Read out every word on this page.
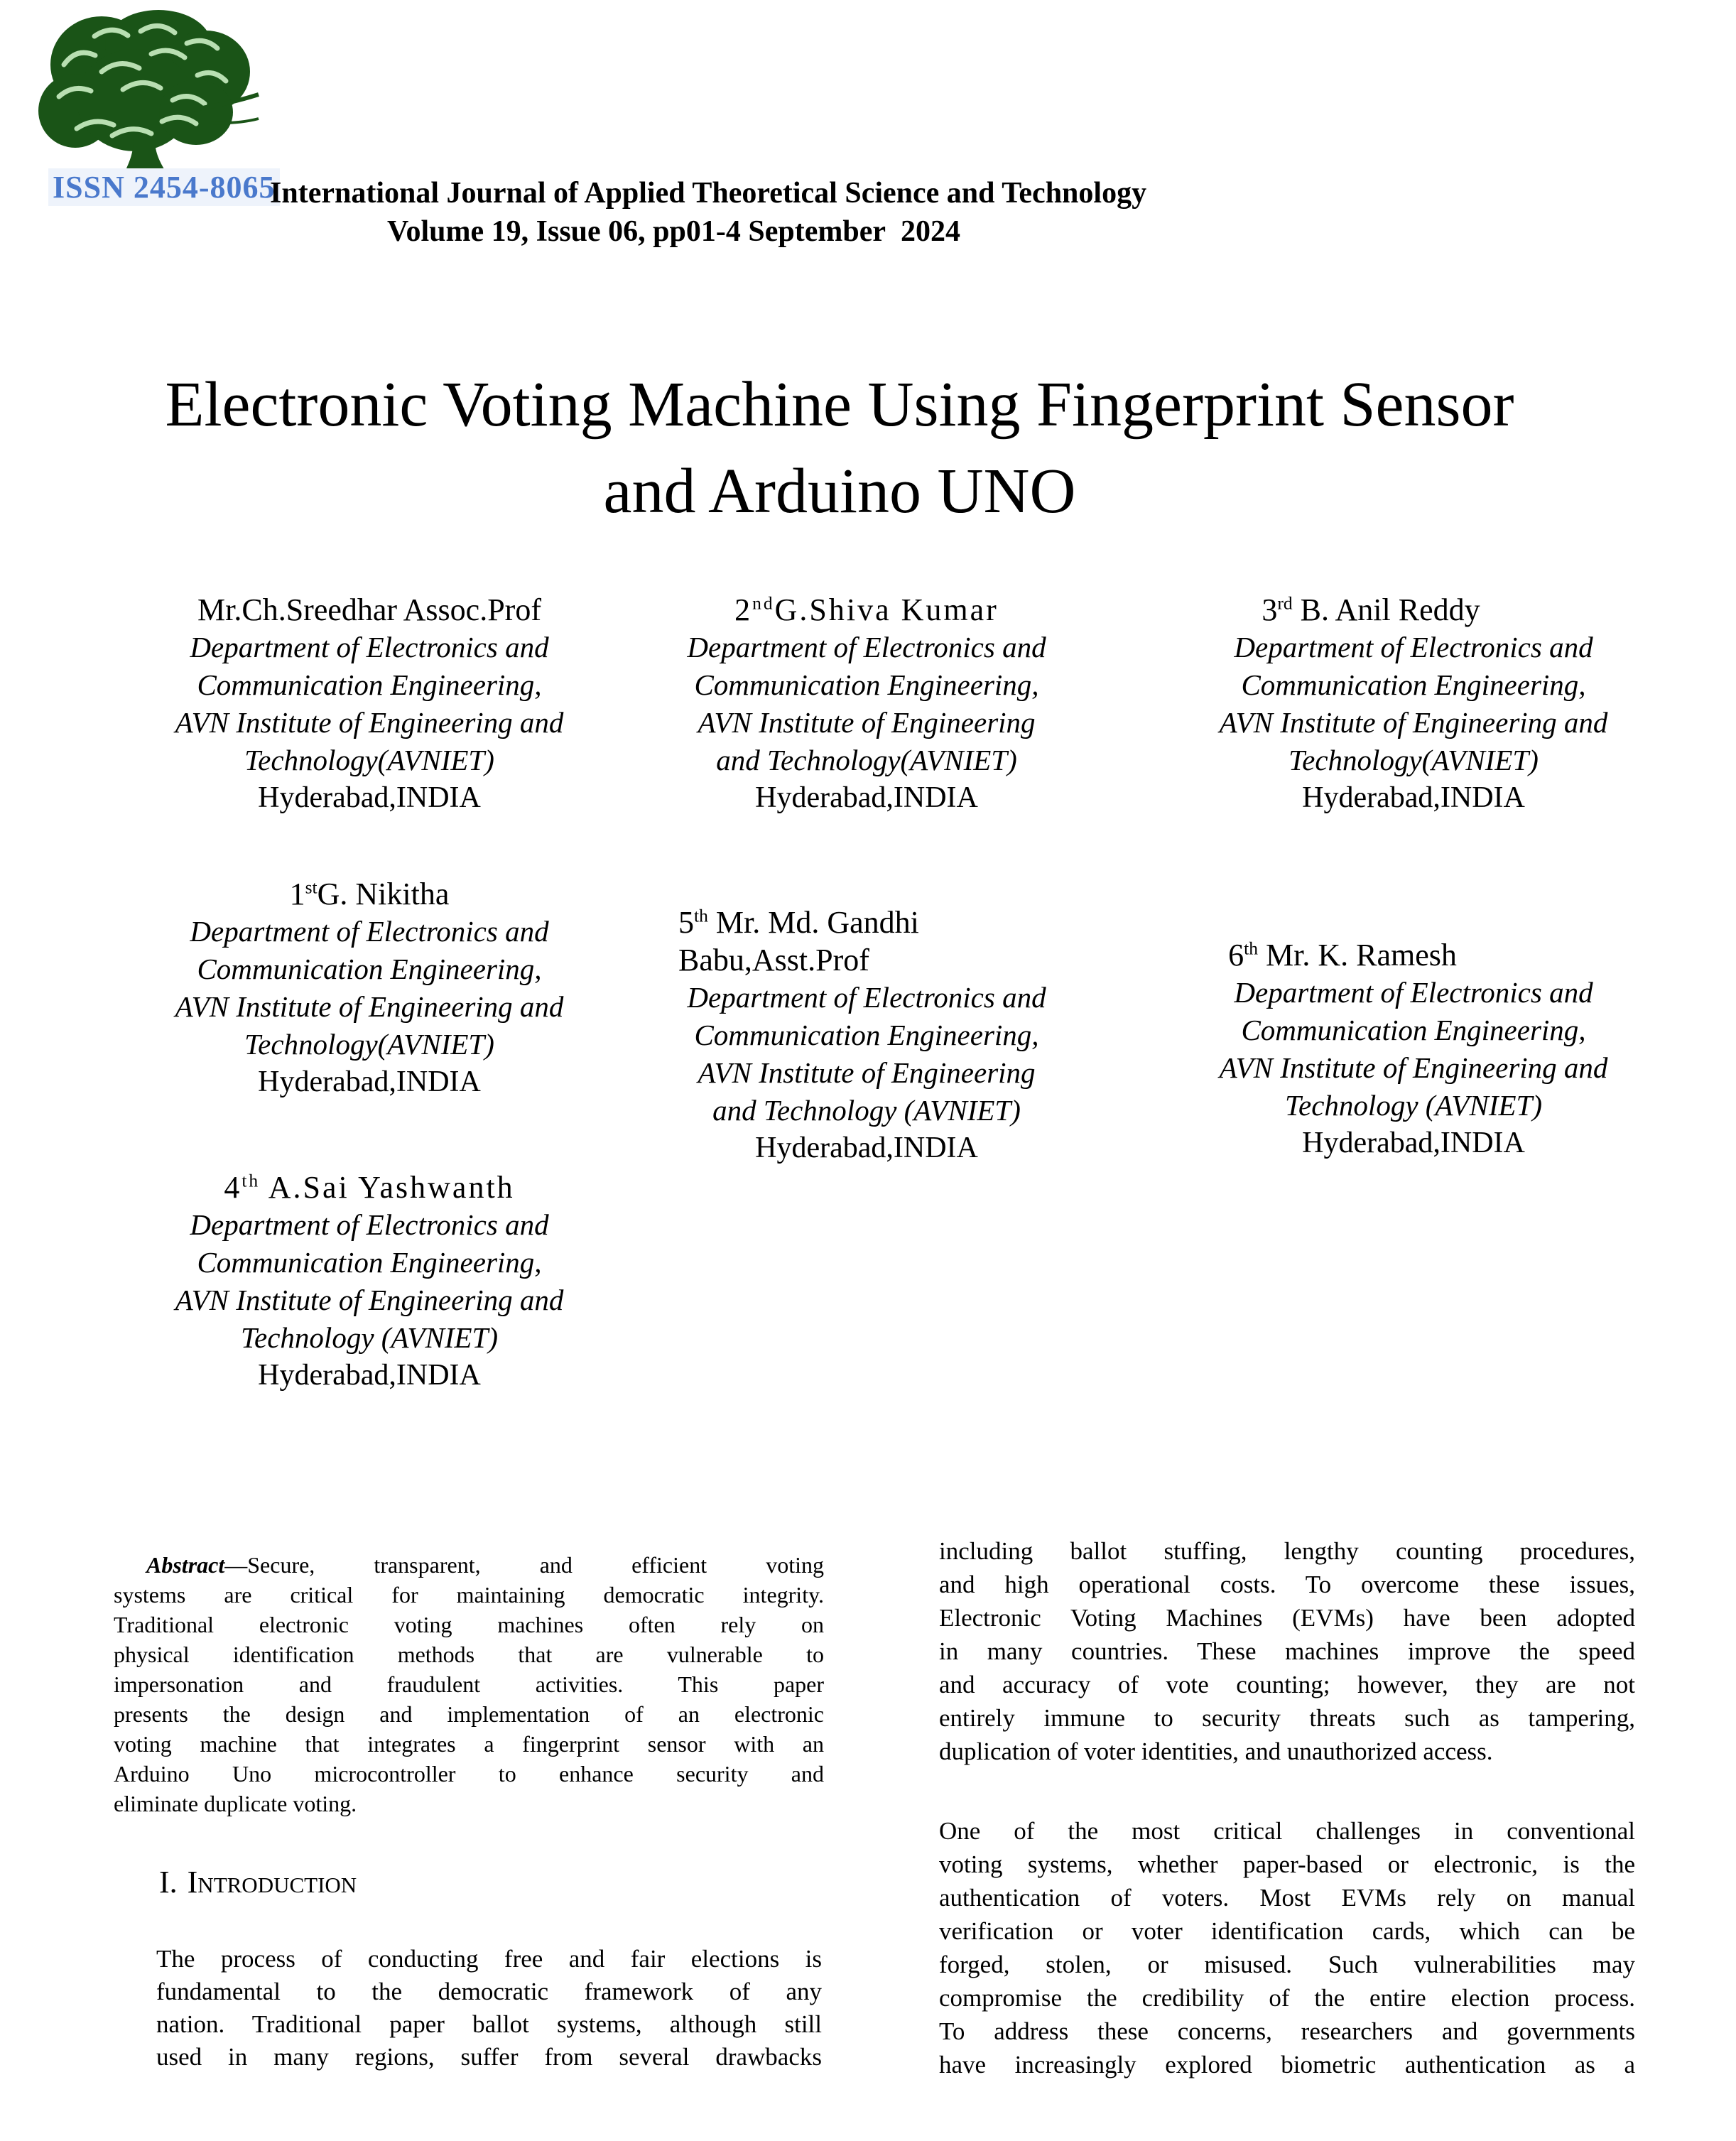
ISSN 2454-8065
International Journal of Applied Theoretical Science and Technology
Volume 19, Issue 06, pp01-4 September  2024
Electronic Voting Machine Using Fingerprint Sensor
and Arduino UNO
Mr.Ch.Sreedhar Assoc.Prof
Department of Electronics and
Communication Engineering,
AVN Institute of Engineering and
Technology(AVNIET)
Hyderabad,INDIA
2ndG.Shiva Kumar
Department of Electronics and
Communication Engineering,
AVN Institute of Engineering
and Technology(AVNIET)
Hyderabad,INDIA
3rd B. Anil Reddy
Department of Electronics and
Communication Engineering,
AVN Institute of Engineering and
Technology(AVNIET)
Hyderabad,INDIA
1stG. Nikitha
Department of Electronics and
Communication Engineering,
AVN Institute of Engineering and
Technology(AVNIET)
Hyderabad,INDIA
5th Mr. Md. Gandhi
Babu,Asst.Prof
Department of Electronics and
Communication Engineering,
AVN Institute of Engineering
and Technology (AVNIET)
Hyderabad,INDIA
6th Mr. K. Ramesh
Department of Electronics and
Communication Engineering,
AVN Institute of Engineering and
Technology (AVNIET)
Hyderabad,INDIA
4th A.Sai Yashwanth
Department of Electronics and
Communication Engineering,
AVN Institute of Engineering and
Technology (AVNIET)
Hyderabad,INDIA
Abstract—Secure, transparent, and efficient voting
systems are critical for maintaining democratic integrity.
Traditional electronic voting machines often rely on
physical identification methods that are vulnerable to
impersonation and fraudulent activities. This paper
presents the design and implementation of an electronic
voting machine that integrates a fingerprint sensor with an
Arduino Uno microcontroller to enhance security and
eliminate duplicate voting.
I. Introduction
The process of conducting free and fair elections is
fundamental to the democratic framework of any
nation. Traditional paper ballot systems, although still
used in many regions, suffer from several drawbacks
including ballot stuffing, lengthy counting procedures,
and high operational costs. To overcome these issues,
Electronic Voting Machines (EVMs) have been adopted
in many countries. These machines improve the speed
and accuracy of vote counting; however, they are not
entirely immune to security threats such as tampering,
duplication of voter identities, and unauthorized access.
One of the most critical challenges in conventional
voting systems, whether paper-based or electronic, is the
authentication of voters. Most EVMs rely on manual
verification or voter identification cards, which can be
forged, stolen, or misused. Such vulnerabilities may
compromise the credibility of the entire election process.
To address these concerns, researchers and governments
have increasingly explored biometric authentication as a
